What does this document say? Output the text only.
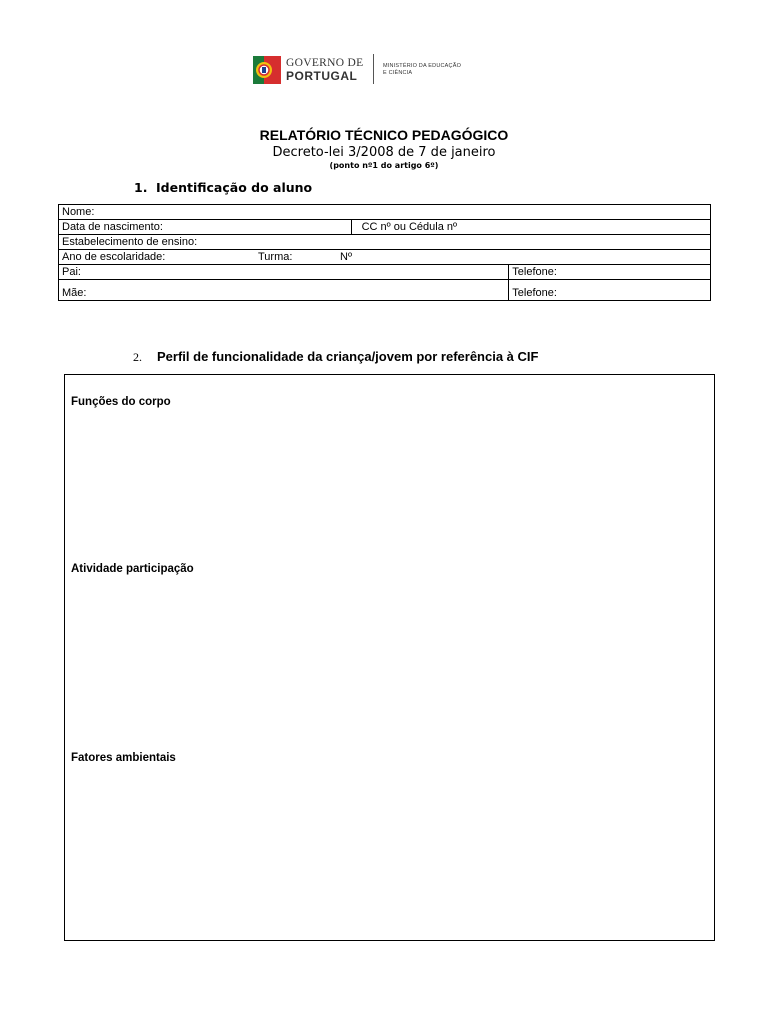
GOVERNO DE
PORTUGAL
MINISTÉRIO DA EDUCAÇÃO
E CIÊNCIA
RELATÓRIO TÉCNICO PEDAGÓGICO
Decreto-lei 3/2008 de 7 de janeiro
(ponto nº1 do artigo 6º)
1. Identificação do aluno
Nome:		
Data de nascimento:	CC nº ou Cédula nº	
Estabelecimento de ensino:		
Ano de escolaridade: Turma: Nº		
Pai:		Telefone:
Mãe:		Telefone:
2. Perfil de funcionalidade da criança/jovem por referência à CIF
Funções do corpo
Atividade participação
Fatores ambientais
